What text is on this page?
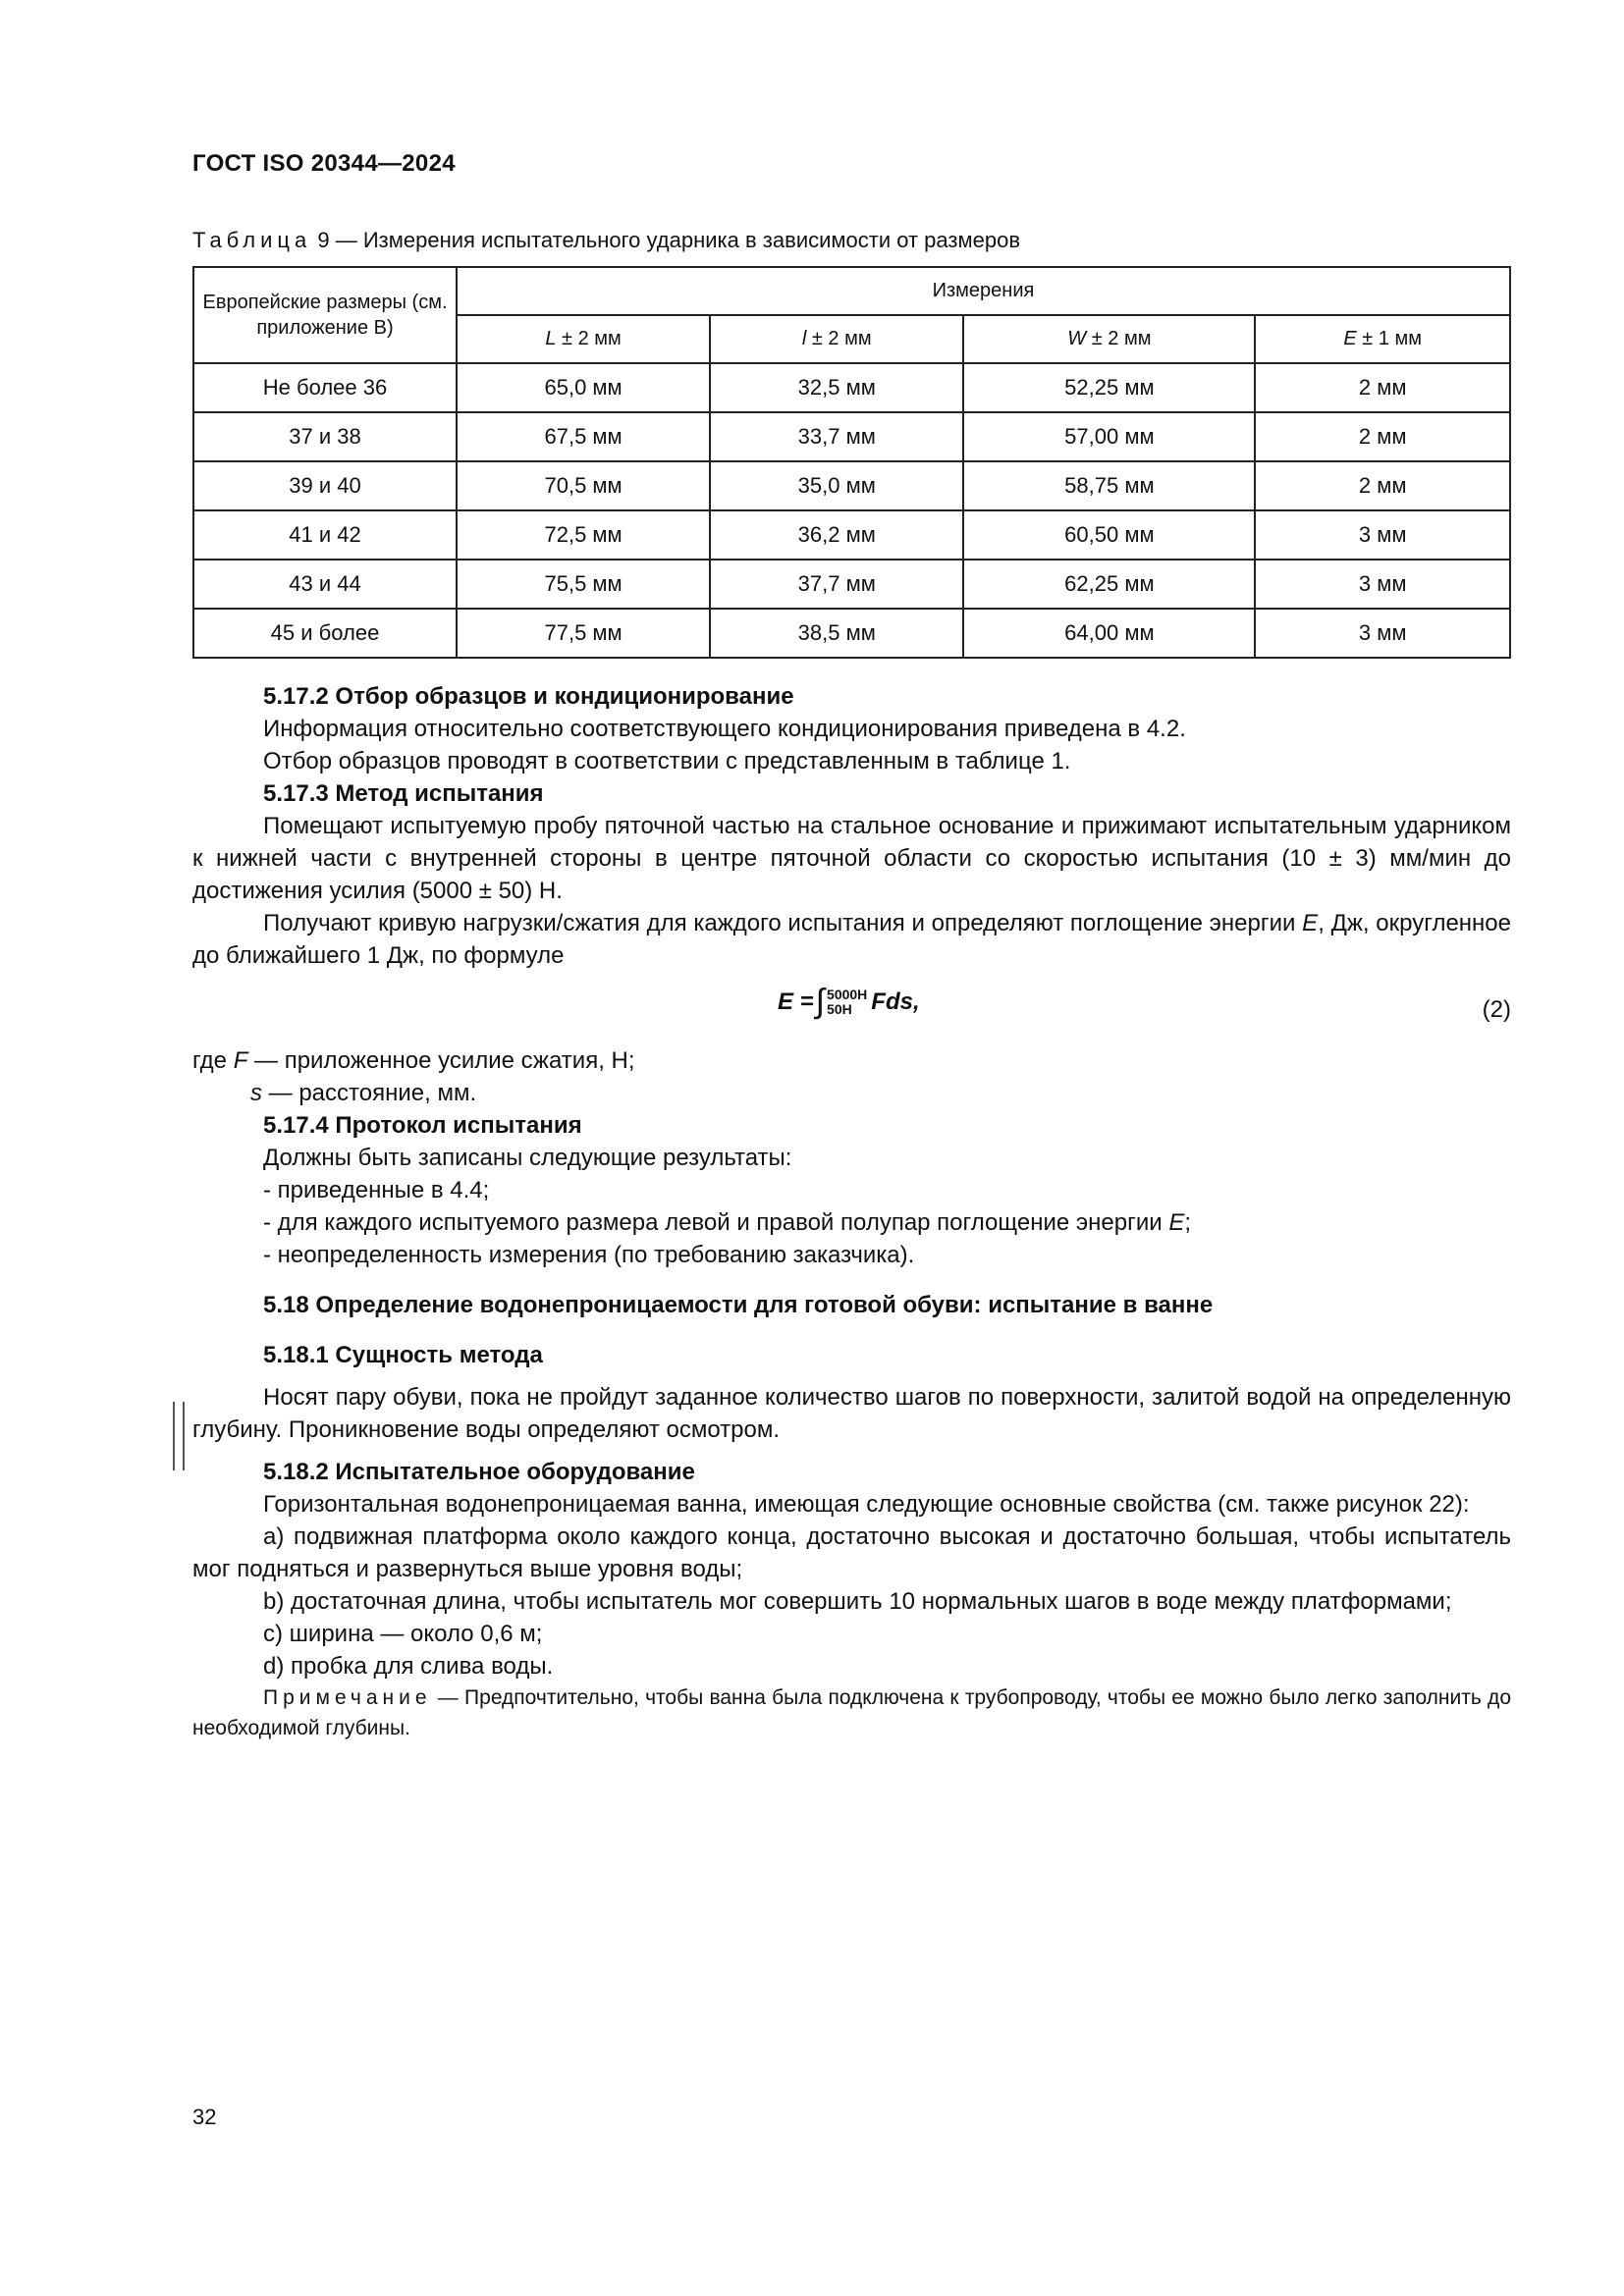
ГОСТ ISO 20344—2024
Таблица 9 — Измерения испытательного ударника в зависимости от размеров
Европейские размеры (см. приложение В)	Измерения			
	L ± 2 мм	l ± 2 мм	W ± 2 мм	E ± 1 мм
Не более 36	65,0 мм	32,5 мм	52,25 мм	2 мм
37 и 38	67,5 мм	33,7 мм	57,00 мм	2 мм
39 и 40	70,5 мм	35,0 мм	58,75 мм	2 мм
41 и 42	72,5 мм	36,2 мм	60,50 мм	3 мм
43 и 44	75,5 мм	37,7 мм	62,25 мм	3 мм
45 и более	77,5 мм	38,5 мм	64,00 мм	3 мм

5.17.2 Отбор образцов и кондиционирование

Информация относительно соответствующего кондиционирования приведена в 4.2.

Отбор образцов проводят в соответствии с представленным в таблице 1.

5.17.3 Метод испытания

Помещают испытуемую пробу пяточной частью на стальное основание и прижимают испытательным ударником к нижней части с внутренней стороны в центре пяточной области со скоростью испытания (10 ± 3) мм/мин до достижения усилия (5000 ± 50) Н.

Получают кривую нагрузки/сжатия для каждого испытания и определяют поглощение энергии E, Дж, округленное до ближайшего 1 Дж, по формуле

E = ∫ 5000Н
50Н Fds,	(2)

где F — приложенное усилие сжатия, Н;

s — расстояние, мм.

5.17.4 Протокол испытания

Должны быть записаны следующие результаты:

- приведенные в 4.4;

- для каждого испытуемого размера левой и правой полупар поглощение энергии E;

- неопределенность измерения (по требованию заказчика).

5.18 Определение водонепроницаемости для готовой обуви: испытание в ванне

5.18.1 Сущность метода

Носят пару обуви, пока не пройдут заданное количество шагов по поверхности, залитой водой на определенную глубину. Проникновение воды определяют осмотром.

5.18.2 Испытательное оборудование

Горизонтальная водонепроницаемая ванна, имеющая следующие основные свойства (см. также рисунок 22):

a) подвижная платформа около каждого конца, достаточно высокая и достаточно большая, чтобы испытатель мог подняться и развернуться выше уровня воды;

b) достаточная длина, чтобы испытатель мог совершить 10 нормальных шагов в воде между платформами;

c) ширина — около 0,6 м;

d) пробка для слива воды.

Примечание — Предпочтительно, чтобы ванна была подключена к трубопроводу, чтобы ее можно было легко заполнить до необходимой глубины.

32
